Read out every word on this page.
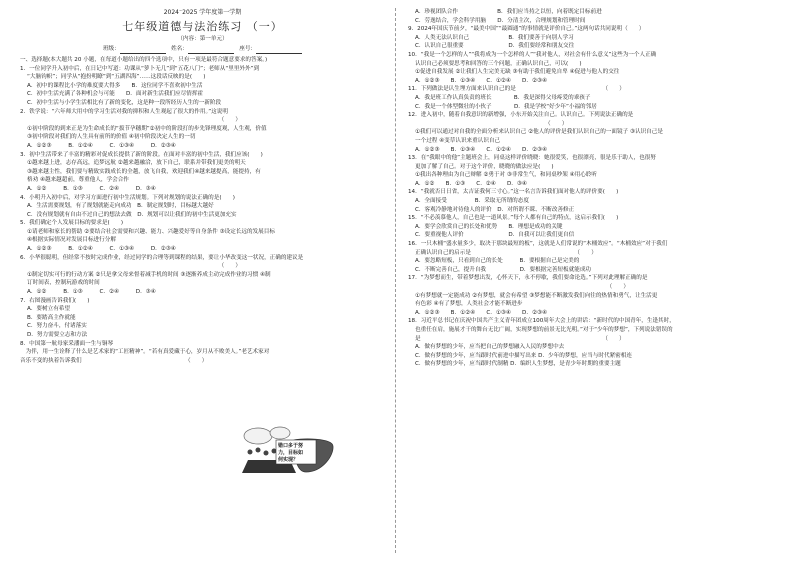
2024⁻2025 学年度第一学期
七年级道德与法治练习 （一）
（内容：第一单元）
班级：	姓名：	座号：
一、选择题(本大题共 20 小题，在每道小题给出的四个选项中，只有一项是最符合题意要求的答案。)
1．一位同学升入初中后，在日记中写道：功课从“萝卜无几”到“五花八门”；老师从“里里外外”到
“大脑钧帜”；同学从“抱扮明瞭”到“五湖四海”……这段话反映的是(　　)
A．初中的课程比小学的难度要大得多　　B．这位同学不喜欢初中生活
C．初中生活充满了各种机会与可能　　D．面对新生活我们应尽情挥霍
C．初中生活与小学生活相比有了新的变化，这是种一段所经历人生的一新阶段
2．铁学说：“六年师大用中的学习生活对我的抑积和人生观起了很大的作用。”这说明
　　　　　　　　　　　　　　　　　　　　　　　　　　　　　　　　　　　　（　　）
①初中阶段的到来正是为生命成长的“拔节孕穗期”②初中的阶段打的步先锋理度观，人生观，价值
③初中阶段对我们的人生具有前所的价值 ④初中阶段决定人生的一切
A．①②③　　　B．①②④　　　C．①③④　　　D．②③④
3．初中生活带来了丰富的精彩对促成长提供了新的阶段。在面对丰富的初中生活，我们应该(　　)
①越来越上进，志存高远，追梦远航 ②越来越融洽，放下自己，联系并带我们更美的明天
③越来越主性，我们要与精致实践成长的全越，放飞自我，欢迎我们④越来越提高，能提持，有
格劝 ④越来越超前，尊重他人，学会合作
A．①②　　　B．①③　　　C．②④　　　D．③④
4．小明升入初中后，对学习方面进行初中生活规划。下列对规划的说法正确的是(　　)
A．生活需要规划，有了规划就能走向成功　B．制定规划时，目标越大越好
C．没有规划就有自由不过自己的想法去做　D．规划可以让我们的初中生活更加充实
5．我们确定个人发展目标的要求是(　　)
①请老师和家长的帮助 ②要结合社会需要和兴趣、能力、兴趣爱好等自身条件 ③设定长远的发展目标
④根据实际情况对发展目标进行分解
A．①②③　　　B．①②④　　　C．①③④　　　D．②③④
6．小华很聪明，但经常不按时完成作业，经过同学的合理等到课程的结果，要让小华改变这一状况，正确的建议是
　　　　　　　　　　　　　　　　　　　　　　　　　　　　　　　　　　　　（　　）
①制定切实可行的行动方案 ②只是拿父母来督着减手机的时间 ③逐渐养成主动完成作业的习惯 ④制
订时间表，控制玩游戏的时间
A．①②　　　B．①③　　　C．②④　　　D．③④
7．右图漫画告诉我们(　　)
A．要树立有希望
B．要踏高主作就能
C．努力奋斗，付诸落实
D．努力需要立志和方法
8．中国第一航母家采潘面一生与铜琴
　为伴，用一生诠释了什么是艺术家的“工匠精神”。“若有真爱藏于心，岁月从不败美人。”老艺术家对
音乐不变的执着告诉我们　　　　　　　　　　　　　　　　　　　（　　）
错口多于努
力，目标如
何实现？
A．珍视团队合作　　　　　　　B．我们应当持之以恒，向着既定目标前进
C．劳逸结合，学会科学用脑　　D．分清主次，合理规划和管理时间
9．2024年国庆节前夕，“最美中国”“最圆通”的事情就是评价自己。”这两句话共同说明（　　）
A．人类无法认识自己　　　　　　　B．我们要善于向别人学习
C．认识自己很重要　　　　　　　　D．我们要经常和朋友交往
10．“我是一个怎样的人”“我将成为一个怎样的人”“我对他人，对社会有什么意义”这些为一个人正确
认识自己必须要思考和回答的三个问题，正确认识自己，可以(　　)
①促进自我发展 ②让我们人生完美无缺 ③有助于我们避免自卑 ④促进与他人的交往
A．①②③　　B．①③④　　C．①②④　　D．②③④
11．下列做法是认生埋方面来认识自己的是　　　　　　　　　　　　　　　　（　　）
A．我是班工作认真负责的班长　　　　B．我是深得父母疼爱的乖孩子
C．我是一个体型微壮的小伙子　　　　D．我是学校“好少年”小福的邻居
12．进入初中，随着自我意识的新增强，小东开始关注自己。认识自己。下列说法正确的是
　　　　　　　　　　　　　　　　　　　　　　　　　（　　）
①我们可以通过对自我的全面分析来认识自己 ②他人的评价是我们认识自己的一面镜子 ③认识自己是
一个过程 ④变草认识来重认识自己
A．①②③　　B．①③④　　C．①②④　　D．②③④
13．在“我眼中的他”主题班会上，同桌这样评价晓晓：她很爱笑，也很漂亮，很是乐于助人，也很努
更加了解了自己。对于这个评价，晓晓的做法应是(　　)
①我出各种理由为自己辩解 ②勇于对 ③非常生气，和同桌吵架 ④用心聆听
A．①②　　B．①③　　C．②④　　D．③④
14．“我就否日日省，太吉证我何三寸心。”这一名言告诉我们面对他人的评价要(　　)
A．全面接受　　　　　B．采取无所谓的态度
C．客观冷静地对待他人的评价　D．对所谓不睬、不断改善修正
15．“不必羡慕他人，自己也是一道风景。”每个人都有自己的特点，这启示我们(　　)
A．要学会欣赏自己的长处和优势　　B．理想是成功的关键
C．要重视他人评价　　　　　　　　D．自我可以让我们更自信
16．一只木桶“盛水量多少，取决于那块最短的板”，这就是人们常说的“木桶效应”。“木桶效应”对于我们
正确认识自己的启示是　　　　　　　　　　　　　　　　　　　（　　）
A．要忽略短板，只看到自己的长处　　　B．要根据自己是完美的
C．不断完善自己，提升自我　　　　　　D．要根据完善短板就能成功
17．“为梦想而生，带着梦想出发，心怀天下，永不停歇，我们要命论选。”下列对此理解正确的是
　　　　　　　　　　　　　　　　　　　　　　　　　　　　　　　　　　　　（　　）
①有梦想就一定能成功 ②有梦想，就会有希望 ③梦想能不断激发我们向往的热情和勇气，让生活更
有色彩 ④有了梦想，人类社会才能不断进步
A．①②③　　B．①②④　　C．①③④　　D．②③④
18．习近平总书记在庆祝中国共产主义青年团成立100周年大会上的讲话：“新时代的中国青年，生逢其时，
也重任在肩，施展才干的舞台无比广阔，实现梦想的前景无比光明。”对于“少年的梦想”，下列说法错误的
是　　　　　　　　　　　　　　　　　　　　　　　　　　　　　　　　　（　　）
A．做有梦想的少年，应当把自己的梦想融入人民的梦想中去
C．做有梦想的少年，应当跟时代前进中描写出来 D．少年的梦想，应当与时代紧密相连
C．做有梦想的少年，应当跟时代制精 D．编织人生梦想，是青少年时期的重要主题
